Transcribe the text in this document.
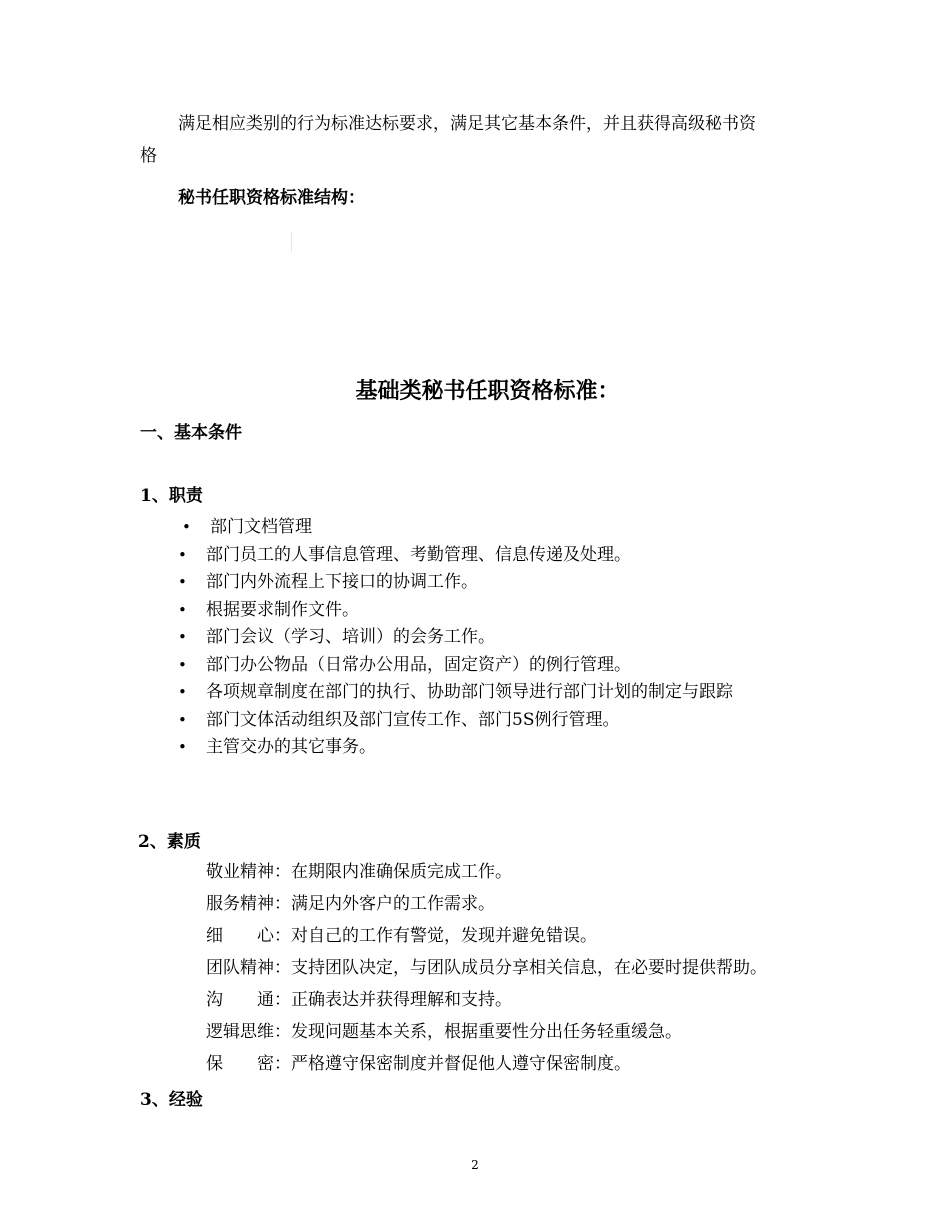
满足相应类别的行为标准达标要求，满足其它基本条件，并且获得高级秘书资
格
秘书任职资格标准结构：
基础类秘书任职资格标准：
一、基本条件
1、职责
• 部门文档管理
• 部门员工的人事信息管理、考勤管理、信息传递及处理。
• 部门内外流程上下接口的协调工作。
• 根据要求制作文件。
• 部门会议（学习、培训）的会务工作。
• 部门办公物品（日常办公用品，固定资产）的例行管理。
• 各项规章制度在部门的执行、协助部门领导进行部门计划的制定与跟踪
• 部门文体活动组织及部门宣传工作、部门5S例行管理。
• 主管交办的其它事务。
2、素质
敬业精神：在期限内准确保质完成工作。
服务精神：满足内外客户的工作需求。
细　　心：对自己的工作有警觉，发现并避免错误。
团队精神：支持团队决定，与团队成员分享相关信息，在必要时提供帮助。
沟　　通：正确表达并获得理解和支持。
逻辑思维：发现问题基本关系，根据重要性分出任务轻重缓急。
保　　密：严格遵守保密制度并督促他人遵守保密制度。
3、经验
2
